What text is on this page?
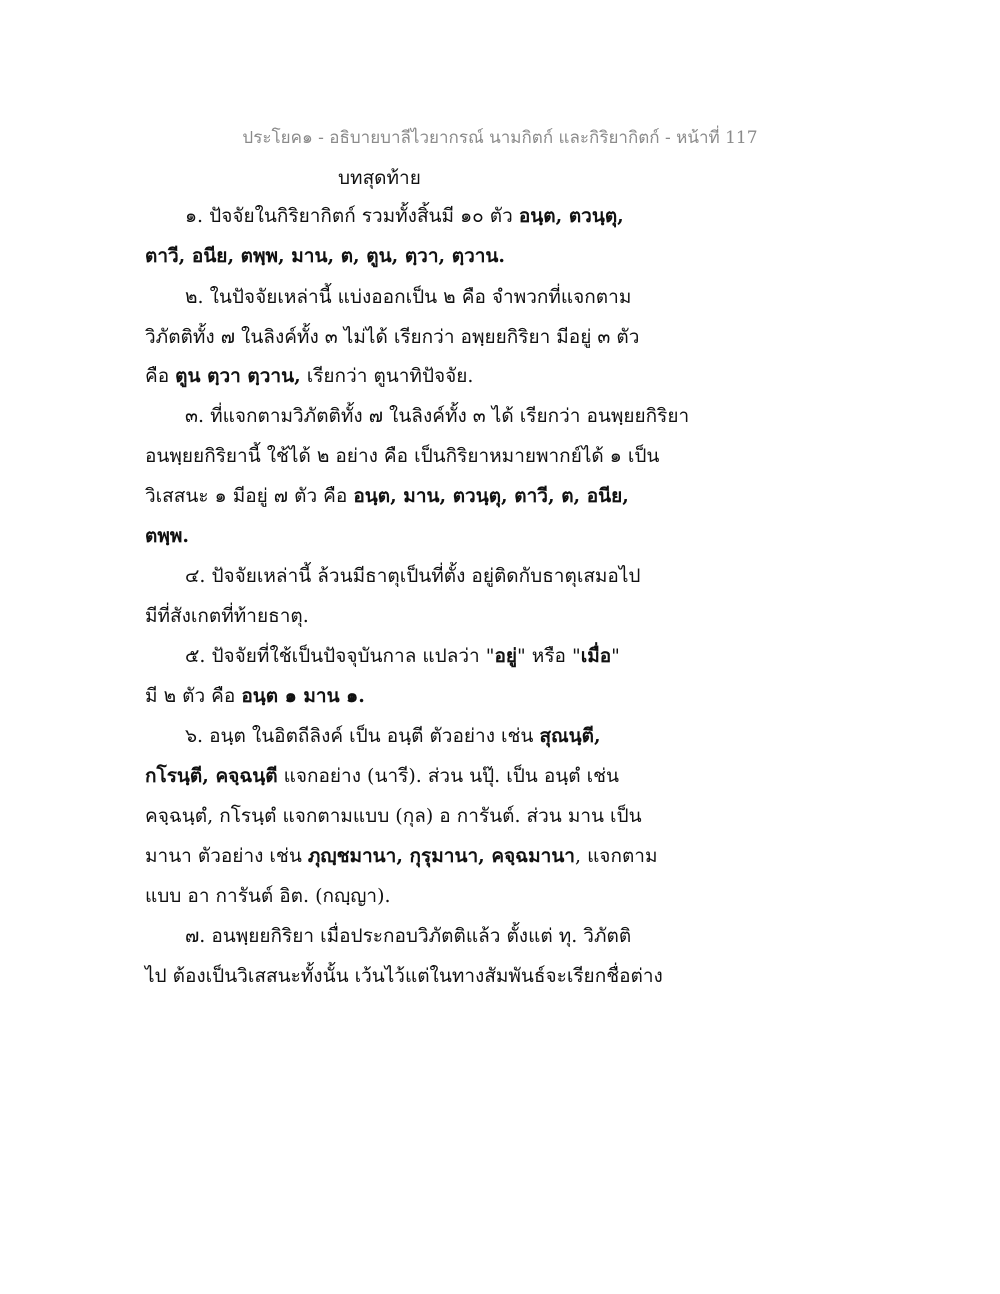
ประโยค๑ - อธิบายบาลีไวยากรณ์ นามกิตก์ และกิริยากิตก์ - หน้าที่ 117
บทสุดท้าย
๑. ปัจจัยในกิริยากิตก์ รวมทั้งสิ้นมี ๑๐ ตัว อนฺต, ตวนฺตุ,
ตาวี, อนีย, ตพฺพ, มาน, ต, ตูน, ตฺวา, ตฺวาน.
๒. ในปัจจัยเหล่านี้ แบ่งออกเป็น ๒ คือ จำพวกที่แจกตาม
วิภัตติทั้ง ๗ ในลิงค์ทั้ง ๓ ไม่ได้ เรียกว่า อพฺยยกิริยา มีอยู่ ๓ ตัว
คือ ตูน ตฺวา ตฺวาน, เรียกว่า ตูนาทิปัจจัย.
๓. ที่แจกตามวิภัตติทั้ง ๗ ในลิงค์ทั้ง ๓ ได้ เรียกว่า อนพฺยยกิริยา
อนพฺยยกิริยานี้ ใช้ได้ ๒ อย่าง คือ เป็นกิริยาหมายพากย์ได้ ๑ เป็น
วิเสสนะ ๑ มีอยู่ ๗ ตัว คือ อนฺต, มาน, ตวนฺตุ, ตาวี, ต, อนีย,
ตพฺพ.
๔. ปัจจัยเหล่านี้ ล้วนมีธาตุเป็นที่ตั้ง อยู่ติดกับธาตุเสมอไป
มีที่สังเกตที่ท้ายธาตุ.
๕. ปัจจัยที่ใช้เป็นปัจจุบันกาล แปลว่า "อยู่" หรือ "เมื่อ"
มี ๒ ตัว คือ อนฺต ๑ มาน ๑.
๖. อนฺต ในอิตถีลิงค์ เป็น อนฺตี ตัวอย่าง เช่น สุณนฺตี,
กโรนฺตี, คจฺฉนฺตี แจกอย่าง (นารี). ส่วน นปุ๊. เป็น อนฺตํ เช่น
คจฺฉนฺตํ, กโรนฺตํ แจกตามแบบ (กุล) อ การันต์. ส่วน มาน เป็น
มานา ตัวอย่าง เช่น ภุญฺชมานา, กุรุมานา, คจฺฉมานา, แจกตาม
แบบ อา การันต์ อิต. (กญฺญา).
๗. อนพฺยยกิริยา เมื่อประกอบวิภัตติแล้ว ตั้งแต่ ทุ. วิภัตติ
ไป ต้องเป็นวิเสสนะทั้งนั้น เว้นไว้แต่ในทางสัมพันธ์จะเรียกชื่อต่าง
